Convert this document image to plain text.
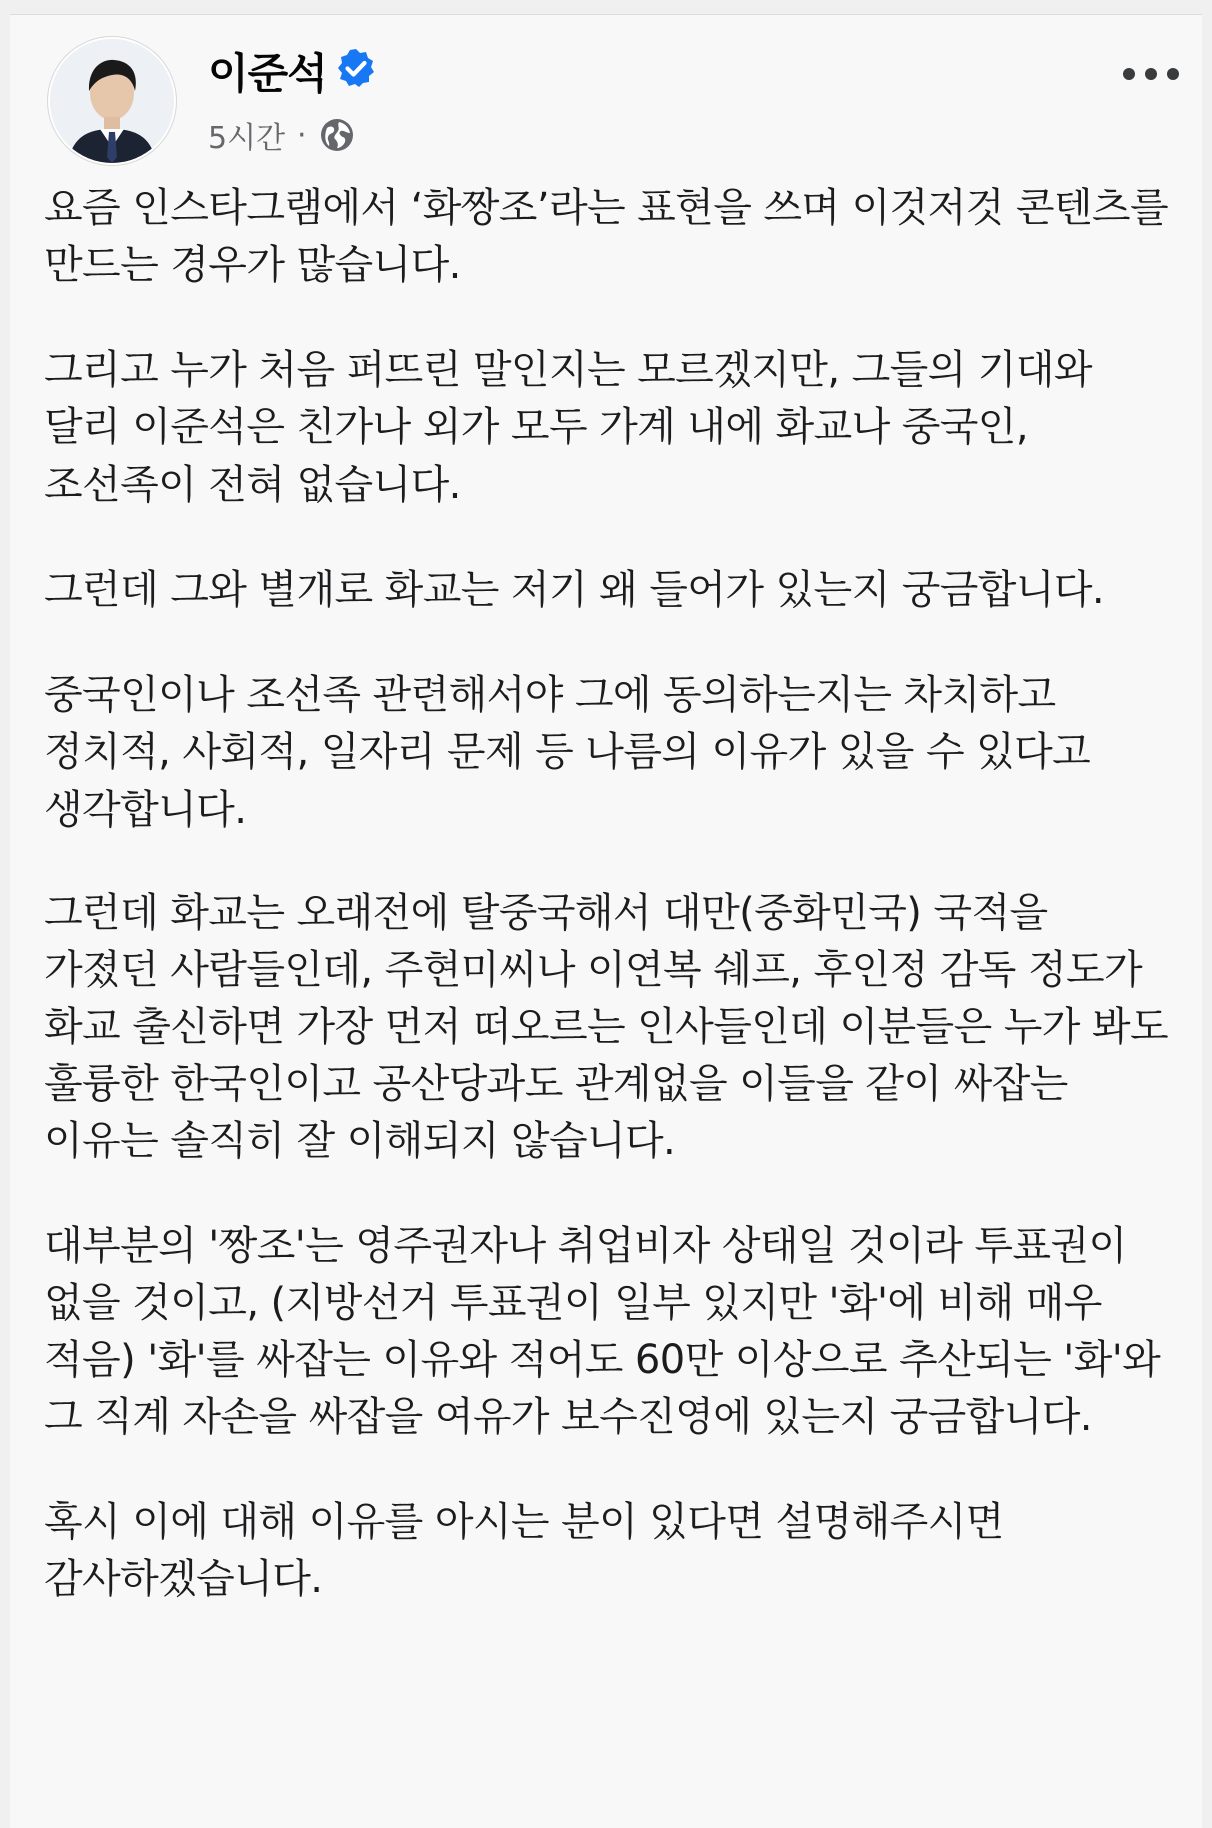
이준석
5시간 ·
요즘 인스타그램에서 ‘화짱조’라는 표현을 쓰며 이것저것 콘텐츠를
만드는 경우가 많습니다.
그리고 누가 처음 퍼뜨린 말인지는 모르겠지만, 그들의 기대와
달리 이준석은 친가나 외가 모두 가계 내에 화교나 중국인,
조선족이 전혀 없습니다.
그런데 그와 별개로 화교는 저기 왜 들어가 있는지 궁금합니다.
중국인이나 조선족 관련해서야 그에 동의하는지는 차치하고
정치적, 사회적, 일자리 문제 등 나름의 이유가 있을 수 있다고
생각합니다.
그런데 화교는 오래전에 탈중국해서 대만(중화민국) 국적을
가졌던 사람들인데, 주현미씨나 이연복 쉐프, 후인정 감독 정도가
화교 출신하면 가장 먼저 떠오르는 인사들인데 이분들은 누가 봐도
훌륭한 한국인이고 공산당과도 관계없을 이들을 같이 싸잡는
이유는 솔직히 잘 이해되지 않습니다.
대부분의 '짱조'는 영주권자나 취업비자 상태일 것이라 투표권이
없을 것이고, (지방선거 투표권이 일부 있지만 '화'에 비해 매우
적음) '화'를 싸잡는 이유와 적어도 60만 이상으로 추산되는 '화'와
그 직계 자손을 싸잡을 여유가 보수진영에 있는지 궁금합니다.
혹시 이에 대해 이유를 아시는 분이 있다면 설명해주시면
감사하겠습니다.
